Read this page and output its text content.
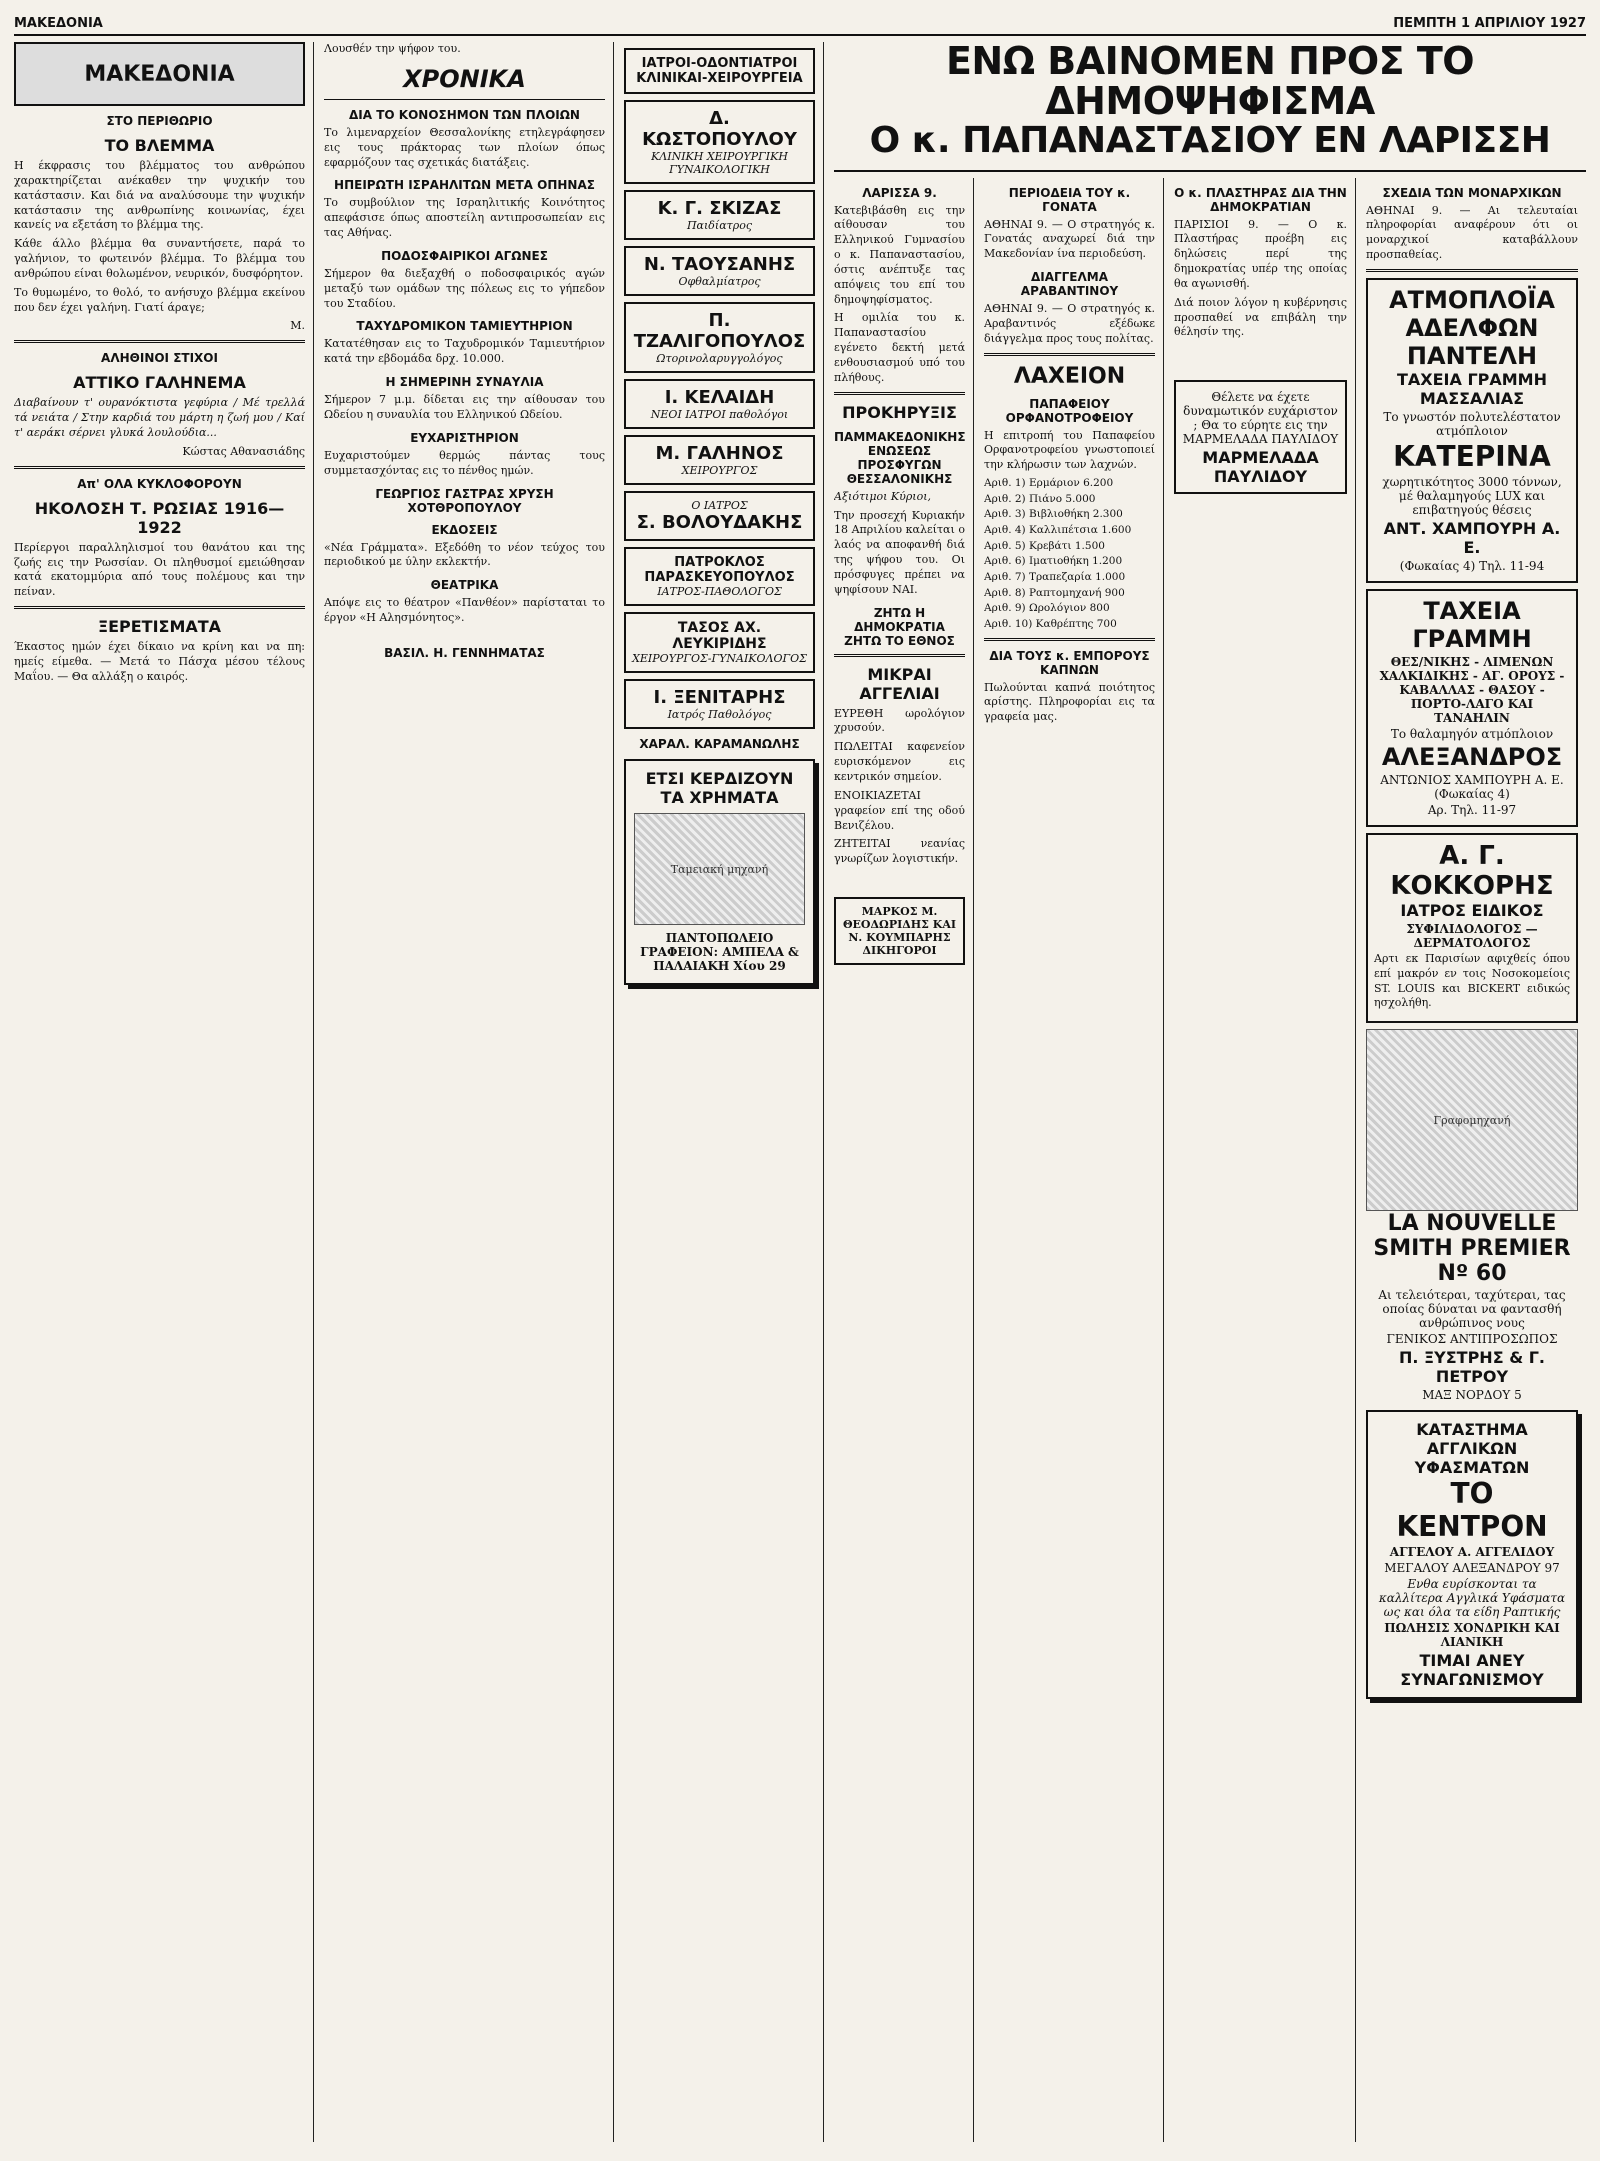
ΜΑΚΕΔΟΝΙΑ	ΠΕΜΠΤΗ 1 ΑΠΡΙΛΙΟΥ 1927
ΜΑΚΕΔΟΝΙΑ
ΣΤΟ ΠΕΡΙΘΩΡΙΟ
ΤΟ ΒΛΕΜΜΑ

Η έκφρασις του βλέμματος του ανθρώπου χαρακτηρίζεται ανέκαθεν την ψυχικήν του κατάστασιν. Και διά να αναλύσουμε την ψυχικήν κατάστασιν της ανθρωπίνης κοινωνίας, έχει κανείς να εξετάση το βλέμμα της.

Κάθε άλλο βλέμμα θα συναντήσετε, παρά το γαλήνιον, το φωτεινόν βλέμμα. Το βλέμμα του ανθρώπου είναι θολωμένον, νευρικόν, δυσφόρητον.

Το θυμωμένο, το θολό, το ανήσυχο βλέμμα εκείνου που δεν έχει γαλήνη. Γιατί άραγε;

Μ.
ΑΛΗΘΙΝΟΙ ΣΤΙΧΟΙ
ΑΤΤΙΚΟ ΓΑΛΗΝΕΜΑ

Διαβαίνουν τ' ουρανόκτιστα γεφύρια / Μέ τρελλά τά νειάτα / Στην καρδιά του μάρτη η ζωή μου / Καί τ' αεράκι σέρνει γλυκά λουλούδια...

Κώστας Αθανασιάδης
Απ' ΟΛΑ ΚΥΚΛΟΦΟΡΟΥΝ
ΗΚΟΛΟΣΗ Τ. ΡΩΣΙΑΣ 1916—1922

Περίεργοι παραλληλισμοί του θανάτου και της ζωής εις την Ρωσσίαν. Οι πληθυσμοί εμειώθησαν κατά εκατομμύρια από τους πολέμους και την πείναν.

ΞΕΡΕΤΙΣΜΑΤΑ

Έκαστος ημών έχει δίκαιο να κρίνη και να πη: ημείς είμεθα. — Μετά το Πάσχα μέσου τέλους Μαΐου. — Θα αλλάξη ο καιρός.

Λουσθέν την ψήφον του.

ΧΡΟΝΙΚΑ
ΔΙΑ ΤΟ ΚΟΝΟΣΗΜΟΝ ΤΩΝ ΠΛΟΙΩΝ

Το λιμεναρχείον Θεσσαλονίκης ετηλεγράφησεν εις τους πράκτορας των πλοίων όπως εφαρμόζουν τας σχετικάς διατάξεις.

ΗΠΕΙΡΩΤΗ ΙΣΡΑΗΛΙΤΩΝ ΜΕΤΑ ΟΠΗΝΑΣ

Το συμβούλιον της Ισραηλιτικής Κοινότητος απεφάσισε όπως αποστείλη αντιπροσωπείαν εις τας Αθήνας.

ΠΟΔΟΣΦΑΙΡΙΚΟΙ ΑΓΩΝΕΣ

Σήμερον θα διεξαχθή ο ποδοσφαιρικός αγών μεταξύ των ομάδων της πόλεως εις το γήπεδον του Σταδίου.

ΤΑΧΥΔΡΟΜΙΚΟΝ ΤΑΜΙΕΥΤΗΡΙΟΝ

Κατατέθησαν εις το Ταχυδρομικόν Ταμιευτήριον κατά την εβδομάδα δρχ. 10.000.

Η ΣΗΜΕΡΙΝΗ ΣΥΝΑΥΛΙΑ

Σήμερον 7 μ.μ. δίδεται εις την αίθουσαν του Ωδείου η συναυλία του Ελληνικού Ωδείου.

ΕΥΧΑΡΙΣΤΗΡΙΟΝ

Ευχαριστούμεν θερμώς πάντας τους συμμετασχόντας εις το πένθος ημών.

ΓΕΩΡΓΙΟΣ ΓΑΣΤΡΑΣ ΧΡΥΣΗ ΧΟΤΘΡΟΠΟΥΛΟΥ
ΕΚΔΟΣΕΙΣ

«Νέα Γράμματα». Εξεδόθη το νέον τεύχος του περιοδικού με ύλην εκλεκτήν.

ΘΕΑΤΡΙΚΑ

Απόψε εις το θέατρον «Πανθέον» παρίσταται το έργον «Η Αλησμόνητος».

ΒΑΣΙΛ. Η. ΓΕΝΝΗΜΑΤΑΣ
ΙΑΤΡΟΙ-ΟΔΟΝΤΙΑΤΡΟΙ ΚΛΙΝΙΚΑΙ-ΧΕΙΡΟΥΡΓΕΙΑ
Δ. ΚΩΣΤΟΠΟΥΛΟΥ
ΚΛΙΝΙΚΗ ΧΕΙΡΟΥΡΓΙΚΗ ΓΥΝΑΙΚΟΛΟΓΙΚΗ
Κ. Γ. ΣΚΙΖΑΣ
Παιδίατρος
Ν. ΤΑΟΥΣΑΝΗΣ
Οφθαλμίατρος
Π. ΤΖΑΛΙΓΟΠΟΥΛΟΣ
Ωτορινολαρυγγολόγος
Ι. ΚΕΛΑΙΔΗ
ΝΕΟΙ ΙΑΤΡΟΙ παθολόγοι
Μ. ΓΑΛΗΝΟΣ
ΧΕΙΡΟΥΡΓΟΣ
Ο ΙΑΤΡΟΣ
Σ. ΒΟΛΟΥΔΑΚΗΣ
ΠΑΤΡΟΚΛΟΣ ΠΑΡΑΣΚΕΥΟΠΟΥΛΟΣ
ΙΑΤΡΟΣ-ΠΑΘΟΛΟΓΟΣ
ΤΑΣΟΣ ΑΧ. ΛΕΥΚΙΡΙΔΗΣ
ΧΕΙΡΟΥΡΓΟΣ-ΓΥΝΑΙΚΟΛΟΓΟΣ
Ι. ΞΕΝΙΤΑΡΗΣ
Ιατρός Παθολόγος
ΧΑΡΑΛ. ΚΑΡΑΜΑΝΩΛΗΣ
ΕΤΣΙ ΚΕΡΔΙΖΟΥΝ ΤΑ ΧΡΗΜΑΤΑ
Ταμειακή μηχανή
ΠΑΝΤΟΠΩΛΕΙΟ ΓΡΑΦΕΙΟΝ: ΑΜΠΕΛΑ & ΠΑΛΑΙΑΚΗ Χίου 29
ΕΝΩ ΒΑΙΝΟΜΕΝ ΠΡΟΣ ΤΟ ΔΗΜΟΨΗΦΙΣΜΑ
Ο κ. ΠΑΠΑΝΑΣΤΑΣΙΟΥ ΕΝ ΛΑΡΙΣΣΗ
ΛΑΡΙΣΣΑ 9.

Κατεβιβάσθη εις την αίθουσαν του Ελληνικού Γυμνασίου ο κ. Παπαναστασίου, όστις ανέπτυξε τας απόψεις του επί του δημοψηφίσματος.

Η ομιλία του κ. Παπαναστασίου εγένετο δεκτή μετά ενθουσιασμού υπό του πλήθους.

ΠΡΟΚΗΡΥΞΙΣ
ΠΑΜΜΑΚΕΔΟΝΙΚΗΣ ΕΝΩΣΕΩΣ ΠΡΟΣΦΥΓΩΝ ΘΕΣΣΑΛΟΝΙΚΗΣ

Αξιότιμοι Κύριοι,

Την προσεχή Κυριακήν 18 Απριλίου καλείται ο λαός να αποφανθή διά της ψήφου του. Οι πρόσφυγες πρέπει να ψηφίσουν ΝΑΙ.

ΖΗΤΩ Η ΔΗΜΟΚΡΑΤΙΑ ΖΗΤΩ ΤΟ ΕΘΝΟΣ
ΜΙΚΡΑΙ ΑΓΓΕΛΙΑΙ

ΕΥΡΕΘΗ ωρολόγιον χρυσούν.

ΠΩΛΕΙΤΑΙ καφενείον ευρισκόμενον εις κεντρικόν σημείον.

ΕΝΟΙΚΙΑΖΕΤΑΙ γραφείον επί της οδού Βενιζέλου.

ΖΗΤΕΙΤΑΙ νεανίας γνωρίζων λογιστικήν.

ΜΑΡΚΟΣ Μ. ΘΕΟΔΩΡΙΔΗΣ ΚΑΙ Ν. ΚΟΥΜΠΑΡΗΣ ΔΙΚΗΓΟΡΟΙ
ΠΕΡΙΟΔΕΙΑ ΤΟΥ κ. ΓΟΝΑΤΑ

ΑΘΗΝΑΙ 9. — Ο στρατηγός κ. Γονατάς αναχωρεί διά την Μακεδονίαν ίνα περιοδεύση.

ΔΙΑΓΓΕΛΜΑ ΑΡΑΒΑΝΤΙΝΟΥ

ΑΘΗΝΑΙ 9. — Ο στρατηγός κ. Αραβαντινός εξέδωκε διάγγελμα προς τους πολίτας.

ΛΑΧΕΙΟΝ
ΠΑΠΑΦΕΙΟΥ ΟΡΦΑΝΟΤΡΟΦΕΙΟΥ

Η επιτροπή του Παπαφείου Ορφανοτροφείου γνωστοποιεί την κλήρωσιν των λαχνών.

Αριθ. 1) Ερμάριον 6.200
Αριθ. 2) Πιάνο 5.000
Αριθ. 3) Βιβλιοθήκη 2.300
Αριθ. 4) Καλλιπέτσια 1.600
Αριθ. 5) Κρεβάτι 1.500
Αριθ. 6) Ιματιοθήκη 1.200
Αριθ. 7) Τραπεζαρία 1.000
Αριθ. 8) Ραπτομηχανή 900
Αριθ. 9) Ωρολόγιον 800
Αριθ. 10) Καθρέπτης 700
ΔΙΑ ΤΟΥΣ κ. ΕΜΠΟΡΟΥΣ ΚΑΠΝΩΝ

Πωλούνται καπνά ποιότητος αρίστης. Πληροφορίαι εις τα γραφεία μας.

Ο κ. ΠΛΑΣΤΗΡΑΣ ΔΙΑ ΤΗΝ ΔΗΜΟΚΡΑΤΙΑΝ

ΠΑΡΙΣΙΟΙ 9. — Ο κ. Πλαστήρας προέβη εις δηλώσεις περί της δημοκρατίας υπέρ της οποίας θα αγωνισθή.

Διά ποιον λόγον η κυβέρνησις προσπαθεί να επιβάλη την θέλησίν της.

Θέλετε να έχετε δυναμωτικόν ευχάριστον ; Θα το εύρητε εις την ΜΑΡΜΕΛΑΔΑ ΠΑΥΛΙΔΟΥ
ΜΑΡΜΕΛΑΔΑ ΠΑΥΛΙΔΟΥ
ΣΧΕΔΙΑ ΤΩΝ ΜΟΝΑΡΧΙΚΩΝ

ΑΘΗΝΑΙ 9. — Αι τελευταίαι πληροφορίαι αναφέρουν ότι οι μοναρχικοί καταβάλλουν προσπαθείας.

ΑΤΜΟΠΛΟΪΑ ΑΔΕΛΦΩΝ ΠΑΝΤΕΛΗ
ΤΑΧΕΙΑ ΓΡΑΜΜΗ ΜΑΣΣΑΛΙΑΣ
Το γνωστόν πολυτελέστατον ατμόπλοιον
ΚΑΤΕΡΙΝΑ
χωρητικότητος 3000 τόννων, μέ θαλαμηγούς LUX και επιβατηγούς θέσεις
ΑΝΤ. ΧΑΜΠΟΥΡΗ Α. Ε.
(Φωκαίας 4) Τηλ. 11-94
ΤΑΧΕΙΑ ΓΡΑΜΜΗ
ΘΕΣ/ΝΙΚΗΣ - ΛΙΜΕΝΩΝ ΧΑΛΚΙΔΙΚΗΣ - ΑΓ. ΟΡΟΥΣ - ΚΑΒΑΛΛΑΣ - ΘΑΣΟΥ - ΠΟΡΤΟ-ΛΑΓΟ ΚΑΙ ΤΑΝΑΗΛΙΝ
Το θαλαμηγόν ατμόπλοιον
ΑΛΕΞΑΝΔΡΟΣ
ΑΝΤΩΝΙΟΣ ΧΑΜΠΟΥΡΗ Α. Ε. (Φωκαίας 4)
Αρ. Τηλ. 11-97
Α. Γ. ΚΟΚΚΟΡΗΣ
ΙΑΤΡΟΣ ΕΙΔΙΚΟΣ
ΣΥΦΙΛΙΔΟΛΟΓΟΣ — ΔΕΡΜΑΤΟΛΟΓΟΣ

Αρτι εκ Παρισίων αφιχθείς όπου επί μακρόν εν τοις Νοσοκομείοις ST. LOUIS και BICKERT ειδικώς ησχολήθη.

Γραφομηχανή
LA NOUVELLE SMITH PREMIER Nº 60
Αι τελειότεραι, ταχύτεραι, τας οποίας δύναται να φαντασθή ανθρώπινος νους
ΓΕΝΙΚΟΣ ΑΝΤΙΠΡΟΣΩΠΟΣ
Π. ΞΥΣΤΡΗΣ & Γ. ΠΕΤΡΟΥ
ΜΑΞ ΝΟΡΔΟΥ 5
ΚΑΤΑΣΤΗΜΑ ΑΓΓΛΙΚΩΝ ΥΦΑΣΜΑΤΩΝ
ΤΟ ΚΕΝΤΡΟΝ
ΑΓΓΕΛΟΥ Α. ΑΓΓΕΛΙΔΟΥ
ΜΕΓΑΛΟΥ ΑΛΕΞΑΝΔΡΟΥ 97
Ενθα ευρίσκονται τα καλλίτερα Αγγλικά Υφάσματα ως και όλα τα είδη Ραπτικής
ΠΩΛΗΣΙΣ ΧΟΝΔΡΙΚΗ ΚΑΙ ΛΙΑΝΙΚΗ
ΤΙΜΑΙ ΑΝΕΥ ΣΥΝΑΓΩΝΙΣΜΟΥ
